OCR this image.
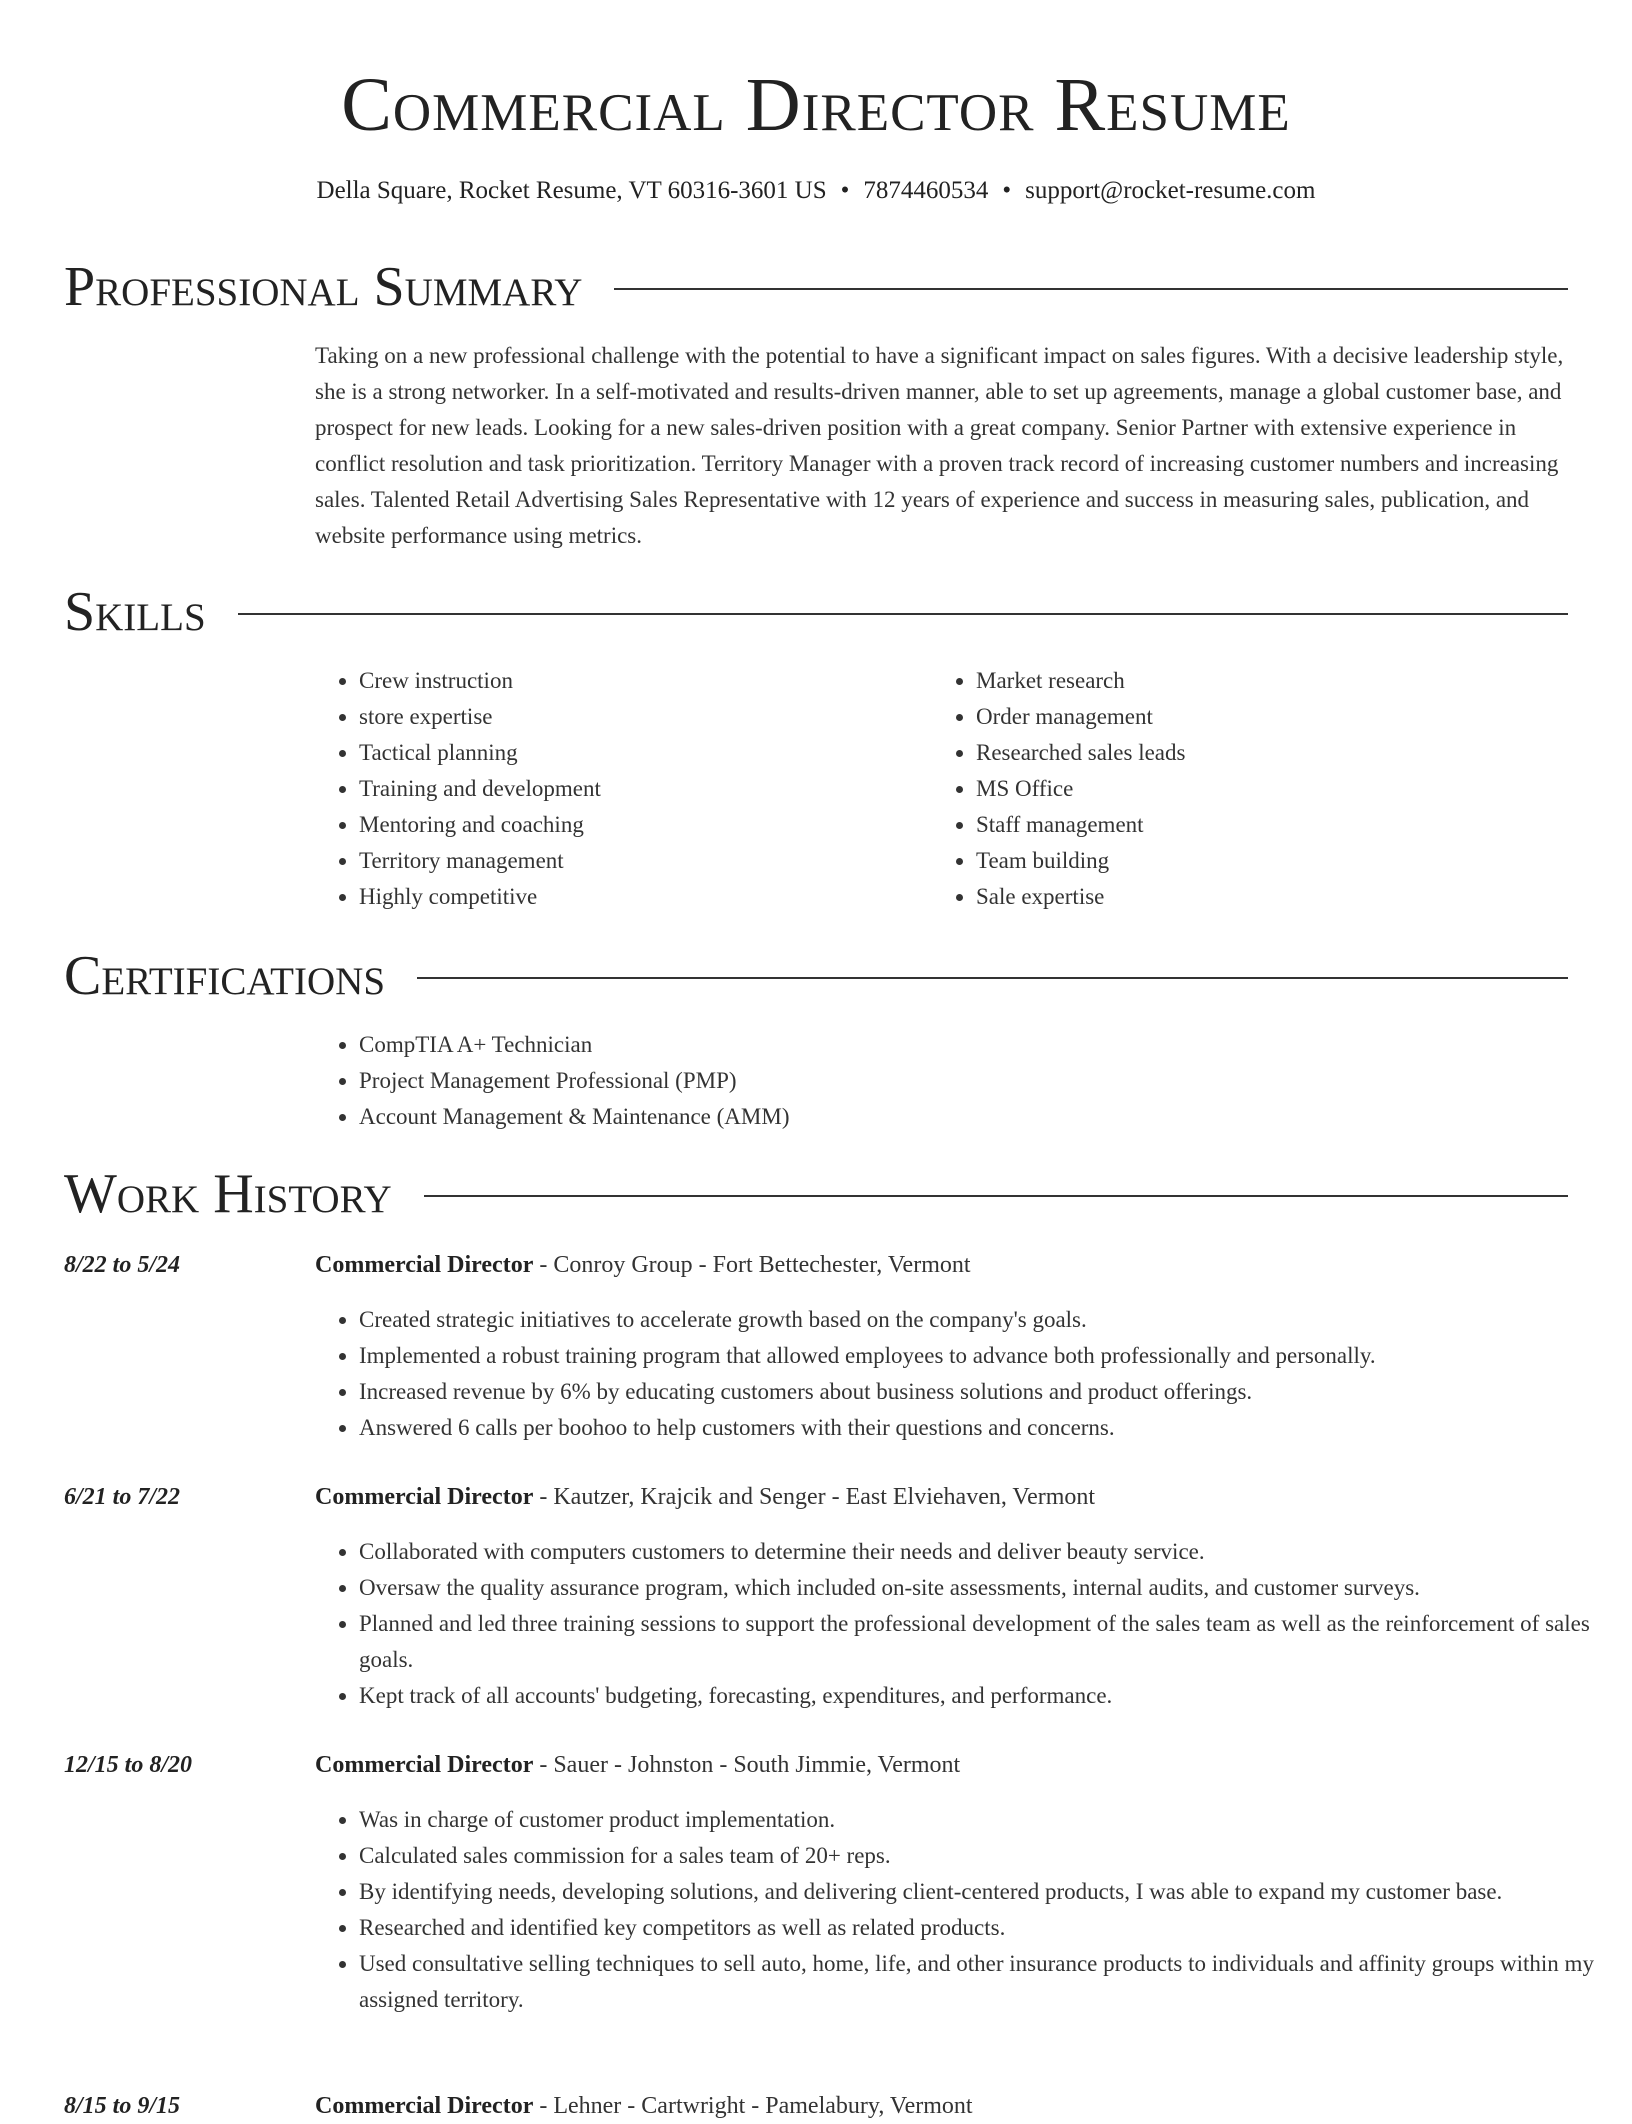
Commercial Director Resume
Della Square, Rocket Resume, VT 60316-3601 US • 7874460534 • support@rocket-resume.com
Professional Summary

Taking on a new professional challenge with the potential to have a significant impact on sales figures. With a decisive leadership style, she is a strong networker. In a self-motivated and results-driven manner, able to set up agreements, manage a global customer base, and prospect for new leads. Looking for a new sales-driven position with a great company. Senior Partner with extensive experience in conflict resolution and task prioritization. Territory Manager with a proven track record of increasing customer numbers and increasing sales. Talented Retail Advertising Sales Representative with 12 years of experience and success in measuring sales, publication, and website performance using metrics.

Skills
• Crew instruction
• store expertise
• Tactical planning
• Training and development
• Mentoring and coaching
• Territory management
• Highly competitive
• Market research
• Order management
• Researched sales leads
• MS Office
• Staff management
• Team building
• Sale expertise
Certifications
• CompTIA A+ Technician
• Project Management Professional (PMP)
• Account Management & Maintenance (AMM)
Work History
8/22 to 5/24	Commercial Director - Conroy Group - Fort Bettechester, Vermont
• Created strategic initiatives to accelerate growth based on the company's goals.
• Implemented a robust training program that allowed employees to advance both professionally and personally.
• Increased revenue by 6% by educating customers about business solutions and product offerings.
• Answered 6 calls per boohoo to help customers with their questions and concerns.
6/21 to 7/22	Commercial Director - Kautzer, Krajcik and Senger - East Elviehaven, Vermont
• Collaborated with computers customers to determine their needs and deliver beauty service.
• Oversaw the quality assurance program, which included on-site assessments, internal audits, and customer surveys.
• Planned and led three training sessions to support the professional development of the sales team as well as the reinforcement of sales goals.
• Kept track of all accounts' budgeting, forecasting, expenditures, and performance.
12/15 to 8/20	Commercial Director - Sauer - Johnston - South Jimmie, Vermont
• Was in charge of customer product implementation.
• Calculated sales commission for a sales team of 20+ reps.
• By identifying needs, developing solutions, and delivering client-centered products, I was able to expand my customer base.
• Researched and identified key competitors as well as related products.
• Used consultative selling techniques to sell auto, home, life, and other insurance products to individuals and affinity groups within my assigned territory.
8/15 to 9/15	Commercial Director - Lehner - Cartwright - Pamelabury, Vermont
